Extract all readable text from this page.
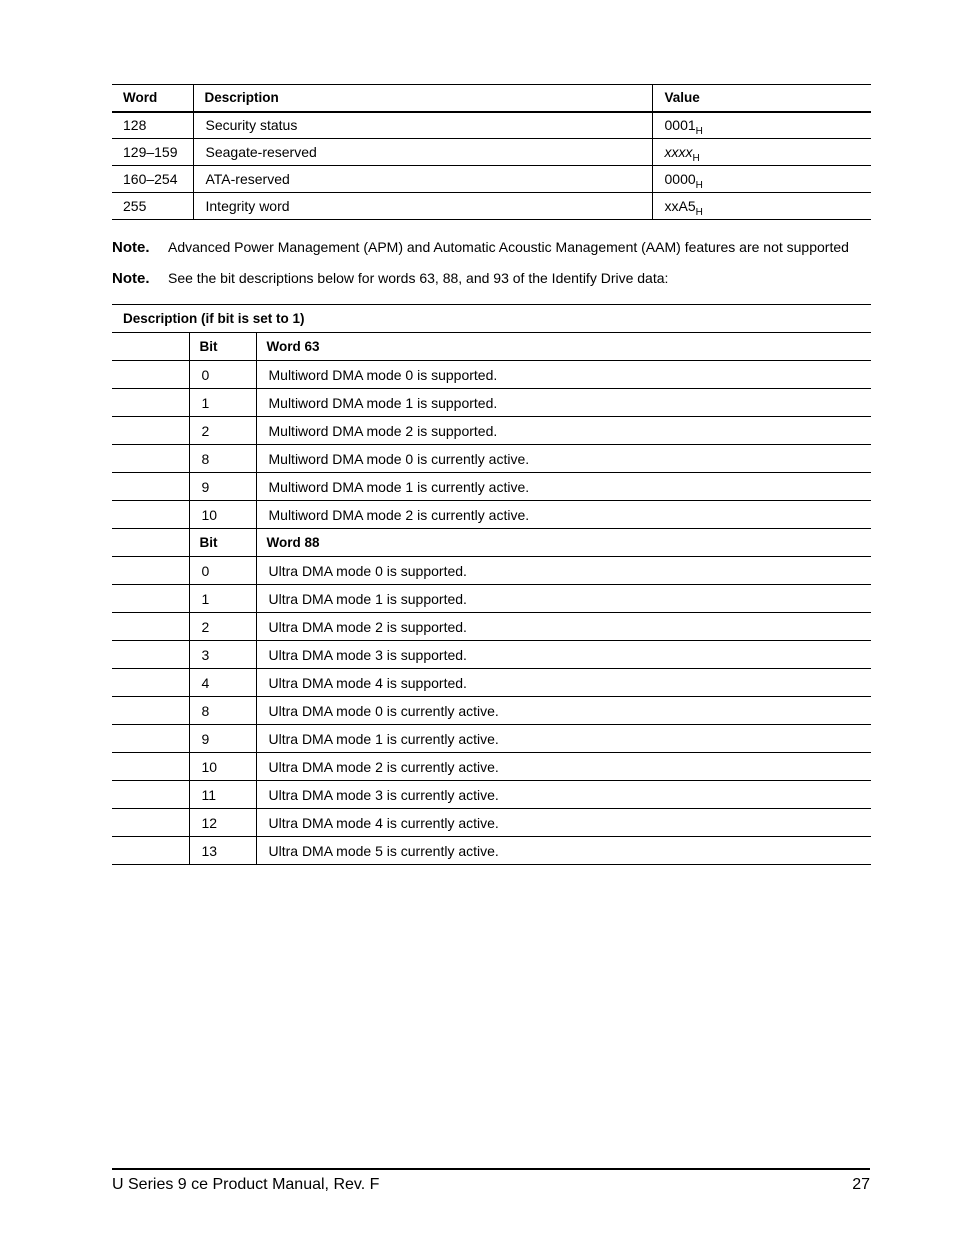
Word	Description	Value
128	Security status	$0001_H$
129–159	Seagate-reserved	xxxx$_H$
160–254	ATA-reserved	$0000_H$
255	Integrity word	$xxA5_H$
Note. Advanced Power Management (APM) and Automatic Acoustic Management (AAM) features are not supported
Note. See the bit descriptions below for words 63, 88, and 93 of the Identify Drive data:
Description (if bit is set to 1)		
	Bit	Word 63
	0	Multiword DMA mode 0 is supported.
	1	Multiword DMA mode 1 is supported.
	2	Multiword DMA mode 2 is supported.
	8	Multiword DMA mode 0 is currently active.
	9	Multiword DMA mode 1 is currently active.
	10	Multiword DMA mode 2 is currently active.
	Bit	Word 88
	0	Ultra DMA mode 0 is supported.
	1	Ultra DMA mode 1 is supported.
	2	Ultra DMA mode 2 is supported.
	3	Ultra DMA mode 3 is supported.
	4	Ultra DMA mode 4 is supported.
	8	Ultra DMA mode 0 is currently active.
	9	Ultra DMA mode 1 is currently active.
	10	Ultra DMA mode 2 is currently active.
	11	Ultra DMA mode 3 is currently active.
	12	Ultra DMA mode 4 is currently active.
	13	Ultra DMA mode 5 is currently active.
U Series 9 ce Product Manual, Rev. F	27
